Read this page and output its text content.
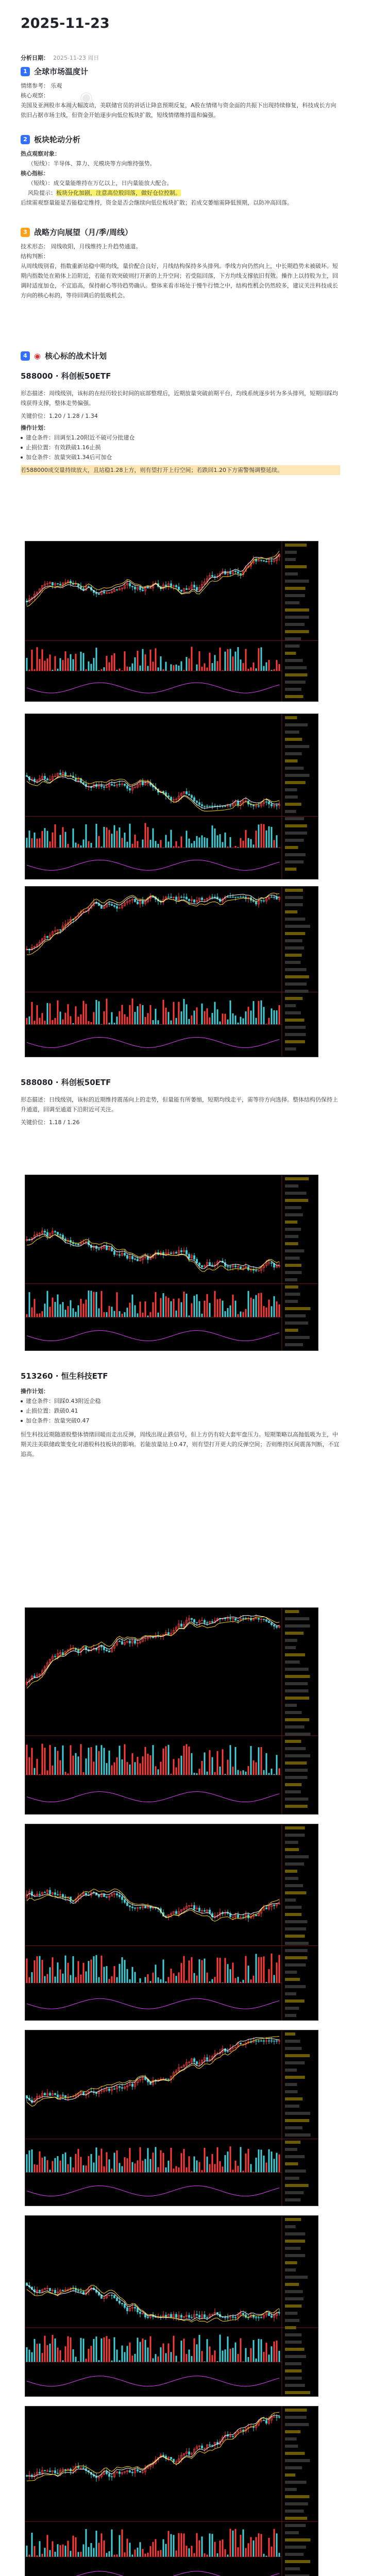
◉ ◉
◉ ◉
2025-11-23
分析日期： 2025-11-23 周日
1 全球市场温度计

情绪参考： 乐观

核心观察：

美国及亚洲股市本周大幅波动，美联储官员的讲话让降息预期反复，A股在情绪与资金面的共振下出现持续修复，科技成长方向依旧占据市场主线，但资金开始逐步向低位板块扩散，短线情绪维持温和偏强。

2 板块轮动分析

热点观察对象：

（短线）：半导体、算力、光模块等方向维持强势。

核心指标：

（短线）：成交量能维持在万亿以上，日内量能放大配合。

风险提示：板块分化加剧，注意高位股回落，做好仓位控制。

后续需观察量能是否能稳定维持，资金是否会继续向低位板块扩散；若成交萎缩需降低预期，以防冲高回落。

3 战略方向展望（月/季/周线）

技术形态： 周线收阳，月线维持上升趋势通道。

结构判断：

从周线级别看，指数重新站稳中期均线，量价配合良好，月线结构保持多头排列。季线方向仍然向上，中长期趋势未被破坏。短期内指数处在箱体上沿附近，若能有效突破则打开新的上升空间；若受阻回落，下方均线支撑依旧有效。操作上以持股为主，回调时适度加仓，不宜追高，保持耐心等待趋势确认。整体来看市场处于慢牛行情之中，结构性机会仍然较多，建议关注科技成长方向的核心标的，等待回调后的低吸机会。

4 ◉ 核心标的战术计划
588000 · 科创板50ETF

形态描述：周线级别，该标的在经历较长时间的底部整理后，近期放量突破前期平台，均线系统逐步转为多头排列，短期回踩均线获得支撑，整体走势偏强。

关键价位：1.20 / 1.28 / 1.34

操作计划：

建仓条件：回调至1.20附近不破可分批建仓

止损位置：有效跌破1.16止损

加仓条件：放量突破1.34后可加仓

若588000成交量持续放大，且站稳1.28上方，则有望打开上行空间；若跌回1.20下方需警惕调整延续。

588080 · 科创板50ETF

形态描述：日线级别，该标的近期维持震荡向上的走势，但量能有所萎缩，短期均线走平，需等待方向选择。整体结构仍保持上升通道，回调至通道下沿附近可关注。

关键价位：1.18 / 1.26

513260 · 恒生科技ETF

操作计划：

建仓条件：回踩0.43附近企稳

止损位置：跌破0.41

加仓条件：放量突破0.47

恒生科技近期随港股整体情绪回暖而走出反弹，周线出现止跌信号，但上方仍有较大套牢盘压力。短期策略以高抛低吸为主，中期关注美联储政策变化对港股科技板块的影响。若能放量站上0.47，则有望打开更大的反弹空间；否则维持区间震荡判断，不宜追高。
